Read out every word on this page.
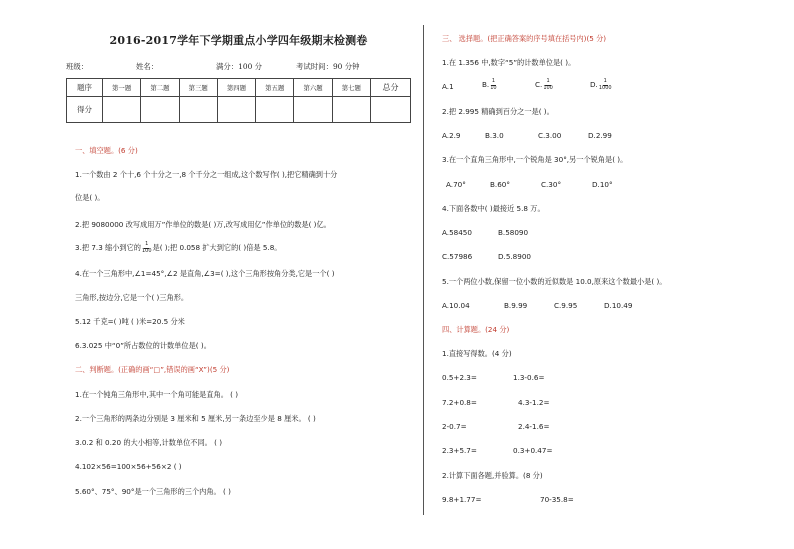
2016-2017学年下学期重点小学四年级期末检测卷
班级：	姓名：	满分：100 分	考试时间：90 分钟
题序	第一题	第二题	第三题	第四题	第五题	第六题	第七题	总分
得分								
一、填空题。(6 分)
1.一个数由 2 个十,6 个十分之一,8 个千分之一组成,这个数写作( ),把它精确到十分
位是( )。
2.把 9080000 改写成用万”作单位的数是( )万,改写成用亿”作单位的数是( )亿。
3.把 7.3 缩小到它的 $\frac{1}{100}$ 是( );把 0.058 扩大到它的( )倍是 5.8。
4.在一个三角形中,∠1=45°,∠2 是直角,∠3=( ),这个三角形按角分类,它是一个( )
三角形,按边分,它是一个( )三角形。
5.12 千克=( )吨 ( )米=20.5 分米
6.3.025 中“0”所占数位的计数单位是( )。
二、判断题。(正确的画“□”,错误的画“X”)(5 分)
1.在一个钝角三角形中,其中一个角可能是直角。 ( )
2.一个三角形的两条边分别是 3 厘米和 5 厘米,另一条边至少是 8 厘米。 ( )
3.0.2 和 0.20 的大小相等,计数单位不同。 ( )
4.102×56=100×56+56×2 ( )
5.60°、75°、90°是一个三角形的三个内角。 ( )
三、 选择题。(把正确答案的序号填在括号内)(5 分)
1.在 1.356 中,数字“5”的计数单位是( )。
A.1	B. $\frac{1}{10}$	C. $\frac{1}{100}$	D. $\frac{1}{1000}$
2.把 2.995 精确到百分之一是( )。
A.2.9	B.3.0	C.3.00	D.2.99
3.在一个直角三角形中,一个锐角是 30°,另一个锐角是( )。
A.70°	B.60°	C.30°	D.10°
4.下面各数中( )最接近 5.8 万。
A.58450	B.58090
C.57986	D.5.8900
5.一个两位小数,保留一位小数的近似数是 10.0,原来这个数最小是( )。
A.10.04	B.9.99	C.9.95	D.10.49
四、计算题。(24 分)
1.直接写得数。(4 分)
0.5+2.3=	1.3-0.6=
7.2+0.8=	4.3-1.2=
2-0.7=	2.4-1.6=
2.3+5.7=	0.3+0.47=
2.计算下面各题,并验算。(8 分)
9.8+1.77=	70-35.8=
